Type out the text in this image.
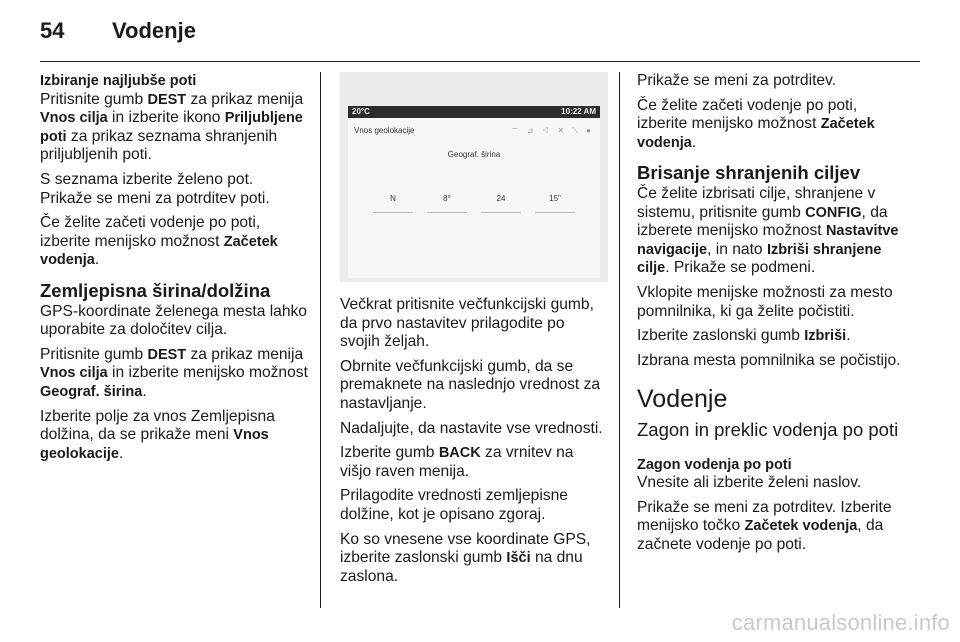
54	Vodenje

Izbiranje najljubše poti

Pritisnite gumb DEST za prikaz menija Vnos cilja in izberite ikono Priljubljene poti za prikaz seznama shranjenih priljubljenih poti.

S seznama izberite želeno pot. Prikaže se meni za potrditev poti.

Če želite začeti vodenje po poti, izberite menijsko možnost Začetek vodenja.

Zemljepisna širina/dolžina

GPS-koordinate želenega mesta lahko uporabite za določitev cilja.

Pritisnite gumb DEST za prikaz menija Vnos cilja in izberite menijsko možnost Geograf. širina.

Izberite polje za vnos Zemljepisna dolžina, da se prikaže meni Vnos geolokacije.

20°C	10:22 AM
Vnos geolokacije	⌔ ⊿ ◁ ✕ ⟍ ●
Geograf. širina
N	8°	24	15"

Večkrat pritisnite večfunkcijski gumb, da prvo nastavitev prilagodite po svojih željah.

Obrnite večfunkcijski gumb, da se premaknete na naslednjo vrednost za nastavljanje.

Nadaljujte, da nastavite vse vrednosti.

Izberite gumb BACK za vrnitev na višjo raven menija.

Prilagodite vrednosti zemljepisne dolžine, kot je opisano zgoraj.

Ko so vnesene vse koordinate GPS, izberite zaslonski gumb Išči na dnu zaslona.

Prikaže se meni za potrditev.

Če želite začeti vodenje po poti, izberite menijsko možnost Začetek vodenja.

Brisanje shranjenih ciljev

Če želite izbrisati cilje, shranjene v sistemu, pritisnite gumb CONFIG, da izberete menijsko možnost Nastavitve navigacije, in nato Izbriši shranjene cilje. Prikaže se podmeni.

Vklopite menijske možnosti za mesto pomnilnika, ki ga želite počistiti.

Izberite zaslonski gumb Izbriši.

Izbrana mesta pomnilnika se počistijo.

Vodenje

Zagon in preklic vodenja po poti

Zagon vodenja po poti

Vnesite ali izberite želeni naslov.

Prikaže se meni za potrditev. Izberite menijsko točko Začetek vodenja, da začnete vodenje po poti.

carmanualsonline.info
